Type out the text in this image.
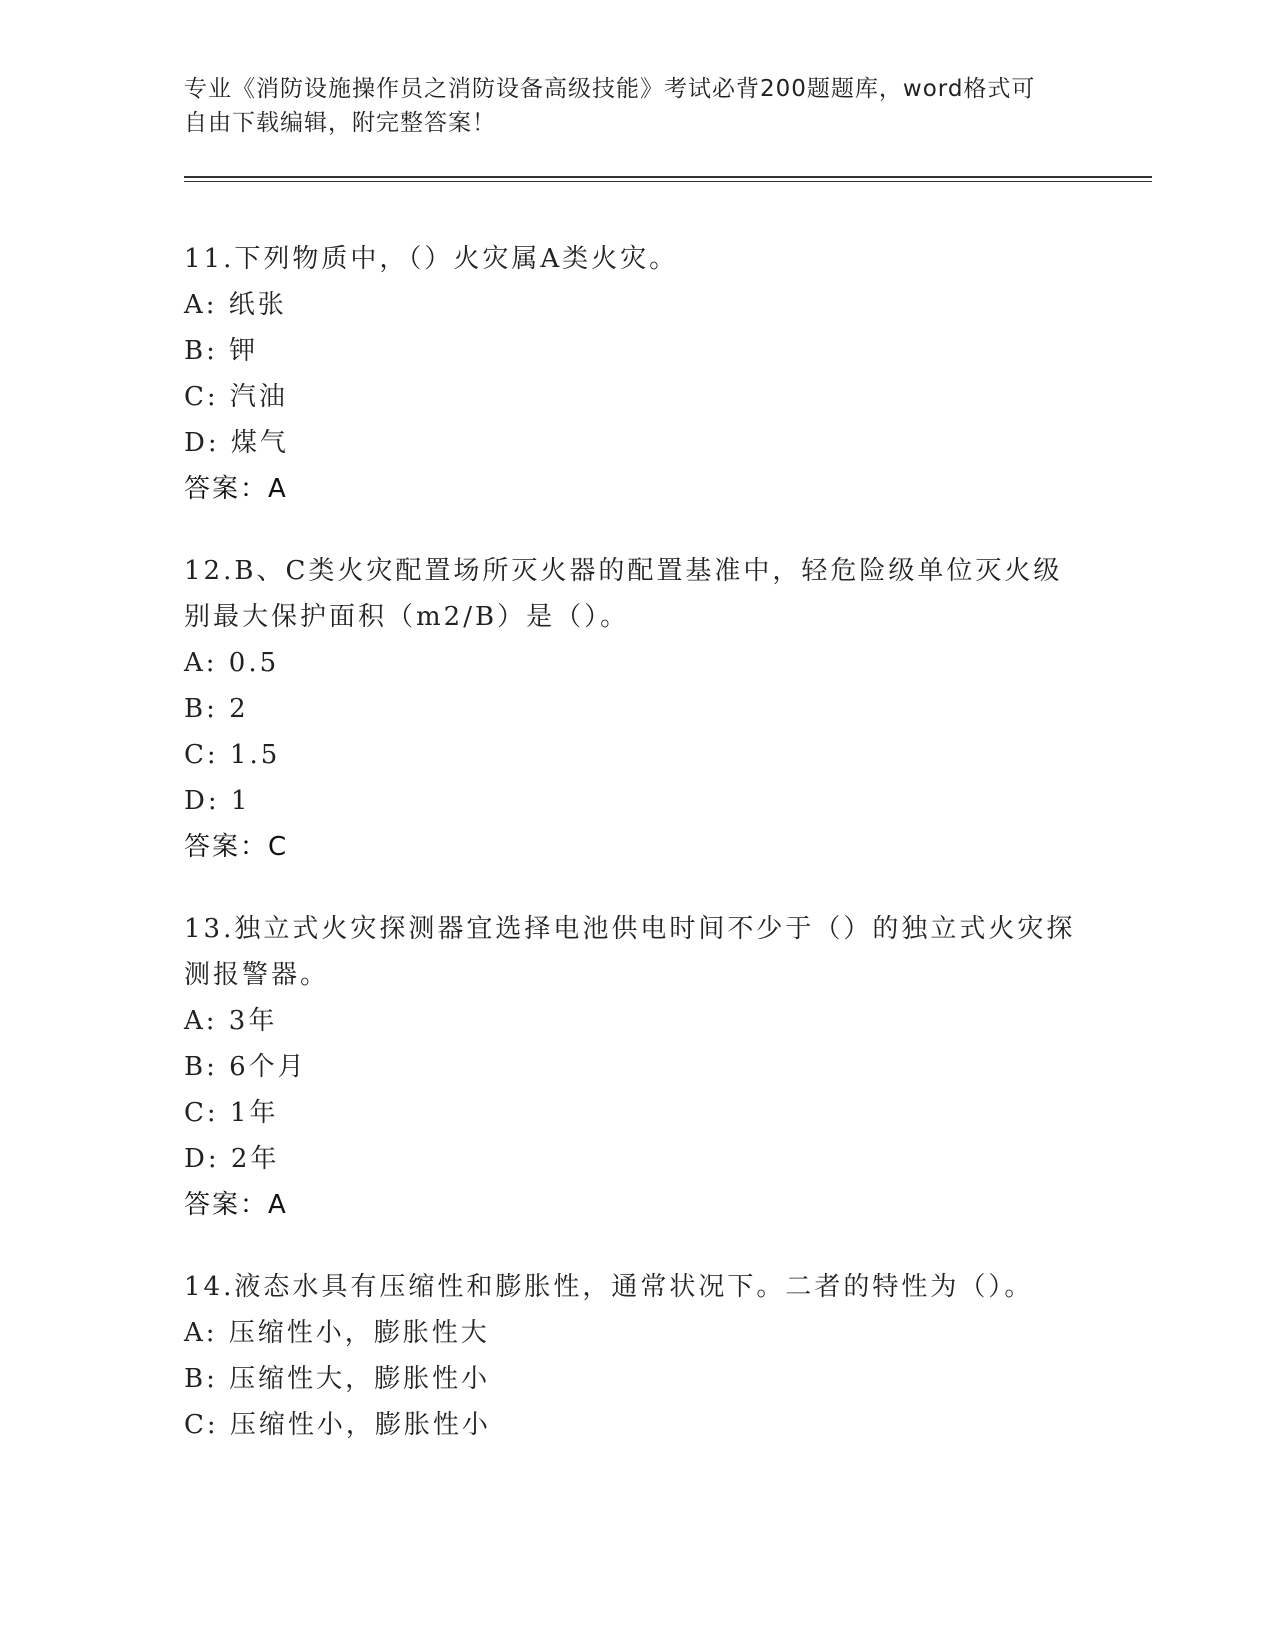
专业《消防设施操作员之消防设备高级技能》考试必背200题题库，word格式可
自由下载编辑，附完整答案！

11.下列物质中，（）火灾属A类火灾。

A: 纸张

B: 钾

C: 汽油

D: 煤气

答案：A

12.B、C类火灾配置场所灭火器的配置基准中，轻危险级单位灭火级别最大保护面积（m2/B）是（）。

A: 0.5

B: 2

C: 1.5

D: 1

答案：C

13.独立式火灾探测器宜选择电池供电时间不少于（）的独立式火灾探测报警器。

A: 3年

B: 6个月

C: 1年

D: 2年

答案：A

14.液态水具有压缩性和膨胀性，通常状况下。二者的特性为（）。

A: 压缩性小，膨胀性大

B: 压缩性大，膨胀性小

C: 压缩性小，膨胀性小
